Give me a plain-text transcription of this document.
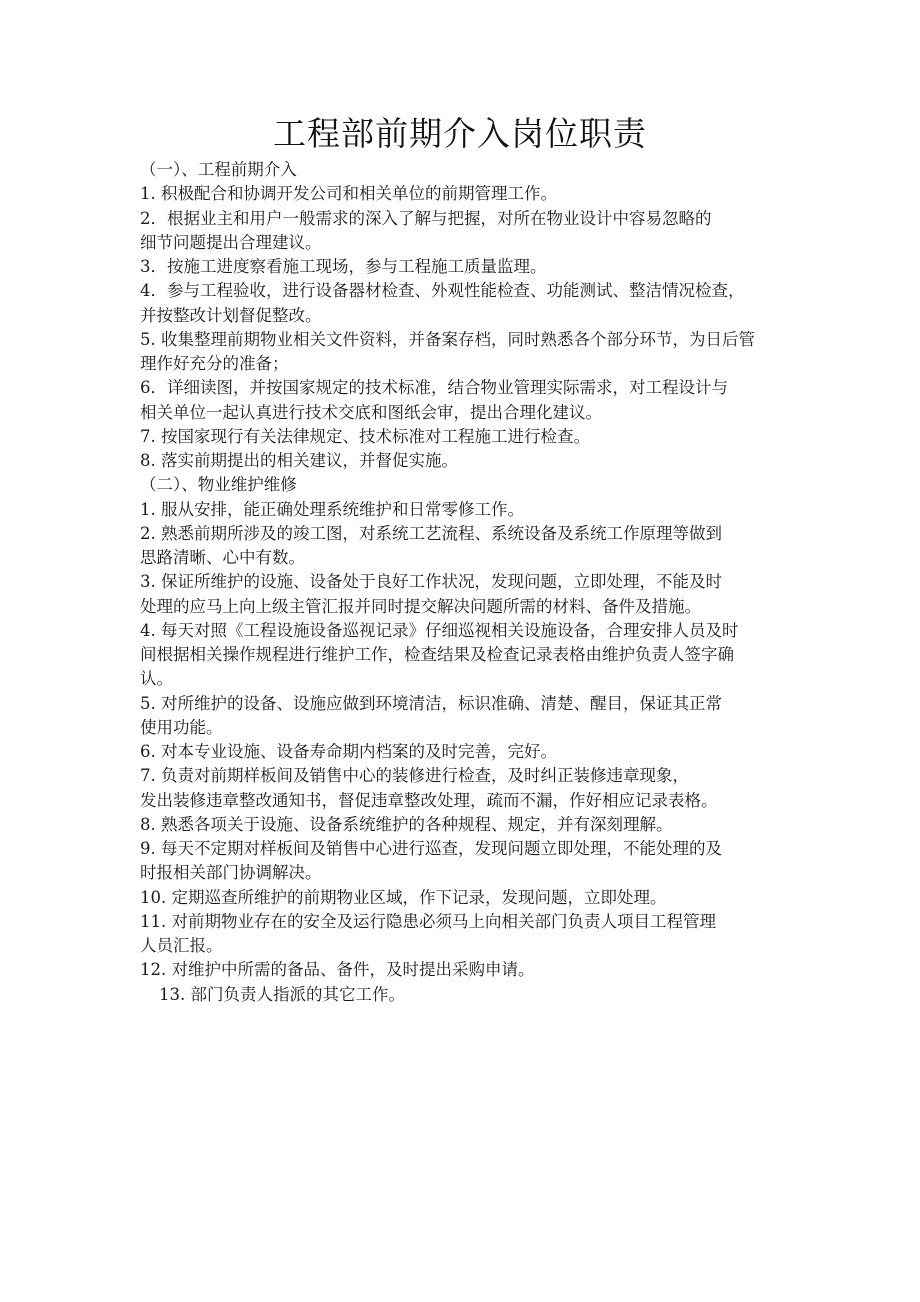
工程部前期介入岗位职责
（一）、工程前期介入
1. 积极配合和协调开发公司和相关单位的前期管理工作。
2．根据业主和用户一般需求的深入了解与把握，对所在物业设计中容易忽略的
细节问题提出合理建议。
3．按施工进度察看施工现场，参与工程施工质量监理。
4．参与工程验收，进行设备器材检查、外观性能检查、功能测试、整洁情况检查，
并按整改计划督促整改。
5. 收集整理前期物业相关文件资料，并备案存档，同时熟悉各个部分环节，为日后管
理作好充分的准备；
6．详细读图，并按国家规定的技术标准，结合物业管理实际需求，对工程设计与
相关单位一起认真进行技术交底和图纸会审，提出合理化建议。
7. 按国家现行有关法律规定、技术标准对工程施工进行检查。
8. 落实前期提出的相关建议，并督促实施。
（二）、物业维护维修
1. 服从安排，能正确处理系统维护和日常零修工作。
2. 熟悉前期所涉及的竣工图，对系统工艺流程、系统设备及系统工作原理等做到
思路清晰、心中有数。
3. 保证所维护的设施、设备处于良好工作状况，发现问题，立即处理，不能及时
处理的应马上向上级主管汇报并同时提交解决问题所需的材料、备件及措施。
4. 每天对照《工程设施设备巡视记录》仔细巡视相关设施设备，合理安排人员及时
间根据相关操作规程进行维护工作，检查结果及检查记录表格由维护负责人签字确
认。
5. 对所维护的设备、设施应做到环境清洁，标识准确、清楚、醒目，保证其正常
使用功能。
6. 对本专业设施、设备寿命期内档案的及时完善，完好。
7. 负责对前期样板间及销售中心的装修进行检查，及时纠正装修违章现象，
发出装修违章整改通知书，督促违章整改处理，疏而不漏，作好相应记录表格。
8. 熟悉各项关于设施、设备系统维护的各种规程、规定，并有深刻理解。
9. 每天不定期对样板间及销售中心进行巡查，发现问题立即处理，不能处理的及
时报相关部门协调解决。
10. 定期巡查所维护的前期物业区域，作下记录，发现问题，立即处理。
11. 对前期物业存在的安全及运行隐患必须马上向相关部门负责人项目工程管理
人员汇报。
12. 对维护中所需的备品、备件，及时提出采购申请。
13. 部门负责人指派的其它工作。
